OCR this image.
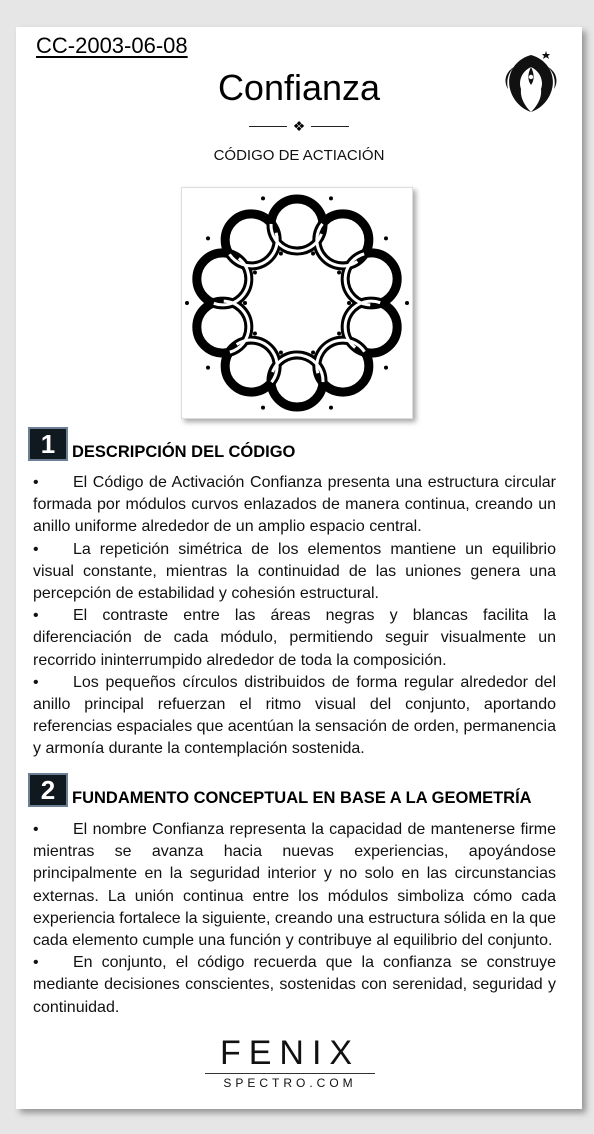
CC-2003-06-08
Confianza
❖
CÓDIGO DE ACTIACIÓN
1	DESCRIPCIÓN DEL CÓDIGO
• El Código de Activación Confianza presenta una estructura circular formada por módulos curvos enlazados de manera continua, creando un anillo uniforme alrededor de un amplio espacio central.
• La repetición simétrica de los elementos mantiene un equilibrio visual constante, mientras la continuidad de las uniones genera una percepción de estabilidad y cohesión estructural.
• El contraste entre las áreas negras y blancas facilita la diferenciación de cada módulo, permitiendo seguir visualmente un recorrido ininterrumpido alrededor de toda la composición.
• Los pequeños círculos distribuidos de forma regular alrededor del anillo principal refuerzan el ritmo visual del conjunto, aportando referencias espaciales que acentúan la sensación de orden, permanencia y armonía durante la contemplación sostenida.
2	FUNDAMENTO CONCEPTUAL EN BASE A LA GEOMETRÍA
• El nombre Confianza representa la capacidad de mantenerse firme mientras se avanza hacia nuevas experiencias, apoyándose principalmente en la seguridad interior y no solo en las circunstancias externas. La unión continua entre los módulos simboliza cómo cada experiencia fortalece la siguiente, creando una estructura sólida en la que cada elemento cumple una función y contribuye al equilibrio del conjunto.
• En conjunto, el código recuerda que la confianza se construye mediante decisiones conscientes, sostenidas con serenidad, seguridad y continuidad.
FENIX
SPECTRO.COM
